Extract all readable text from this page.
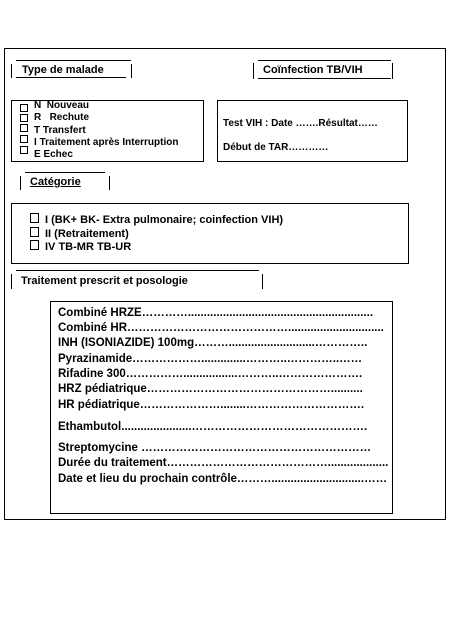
Type de malade	Coïnfection TB/VIH
N Nouveau
R Rechute
T Transfert
I Traitement après Interruption
E Echec
Test VIH : Date …….Résultat……
Début de TAR…………
Catégorie
I (BK+ BK- Extra pulmonaire; coinfection VIH)
II (Retraitement)
IV TB-MR TB-UR
Traitement prescrit et posologie
Combiné HRZE…………..........................................................
Combiné HR……………………………………..............................
INH (ISONIAZIDE) 100mg………...........................…………..
Pyrazinamide………………..............………..…………..……
Rifadine 300…………….................………..………………….
HRZ pédiatrique…………………………………………..........
HR pédiatrique…………………........………………………….
Ethambutol......................……………………………………….
Streptomycine ……………………………………………………
Durée du traitement……………………………………...................
Date et lieu du prochain contrôle……….............................……
